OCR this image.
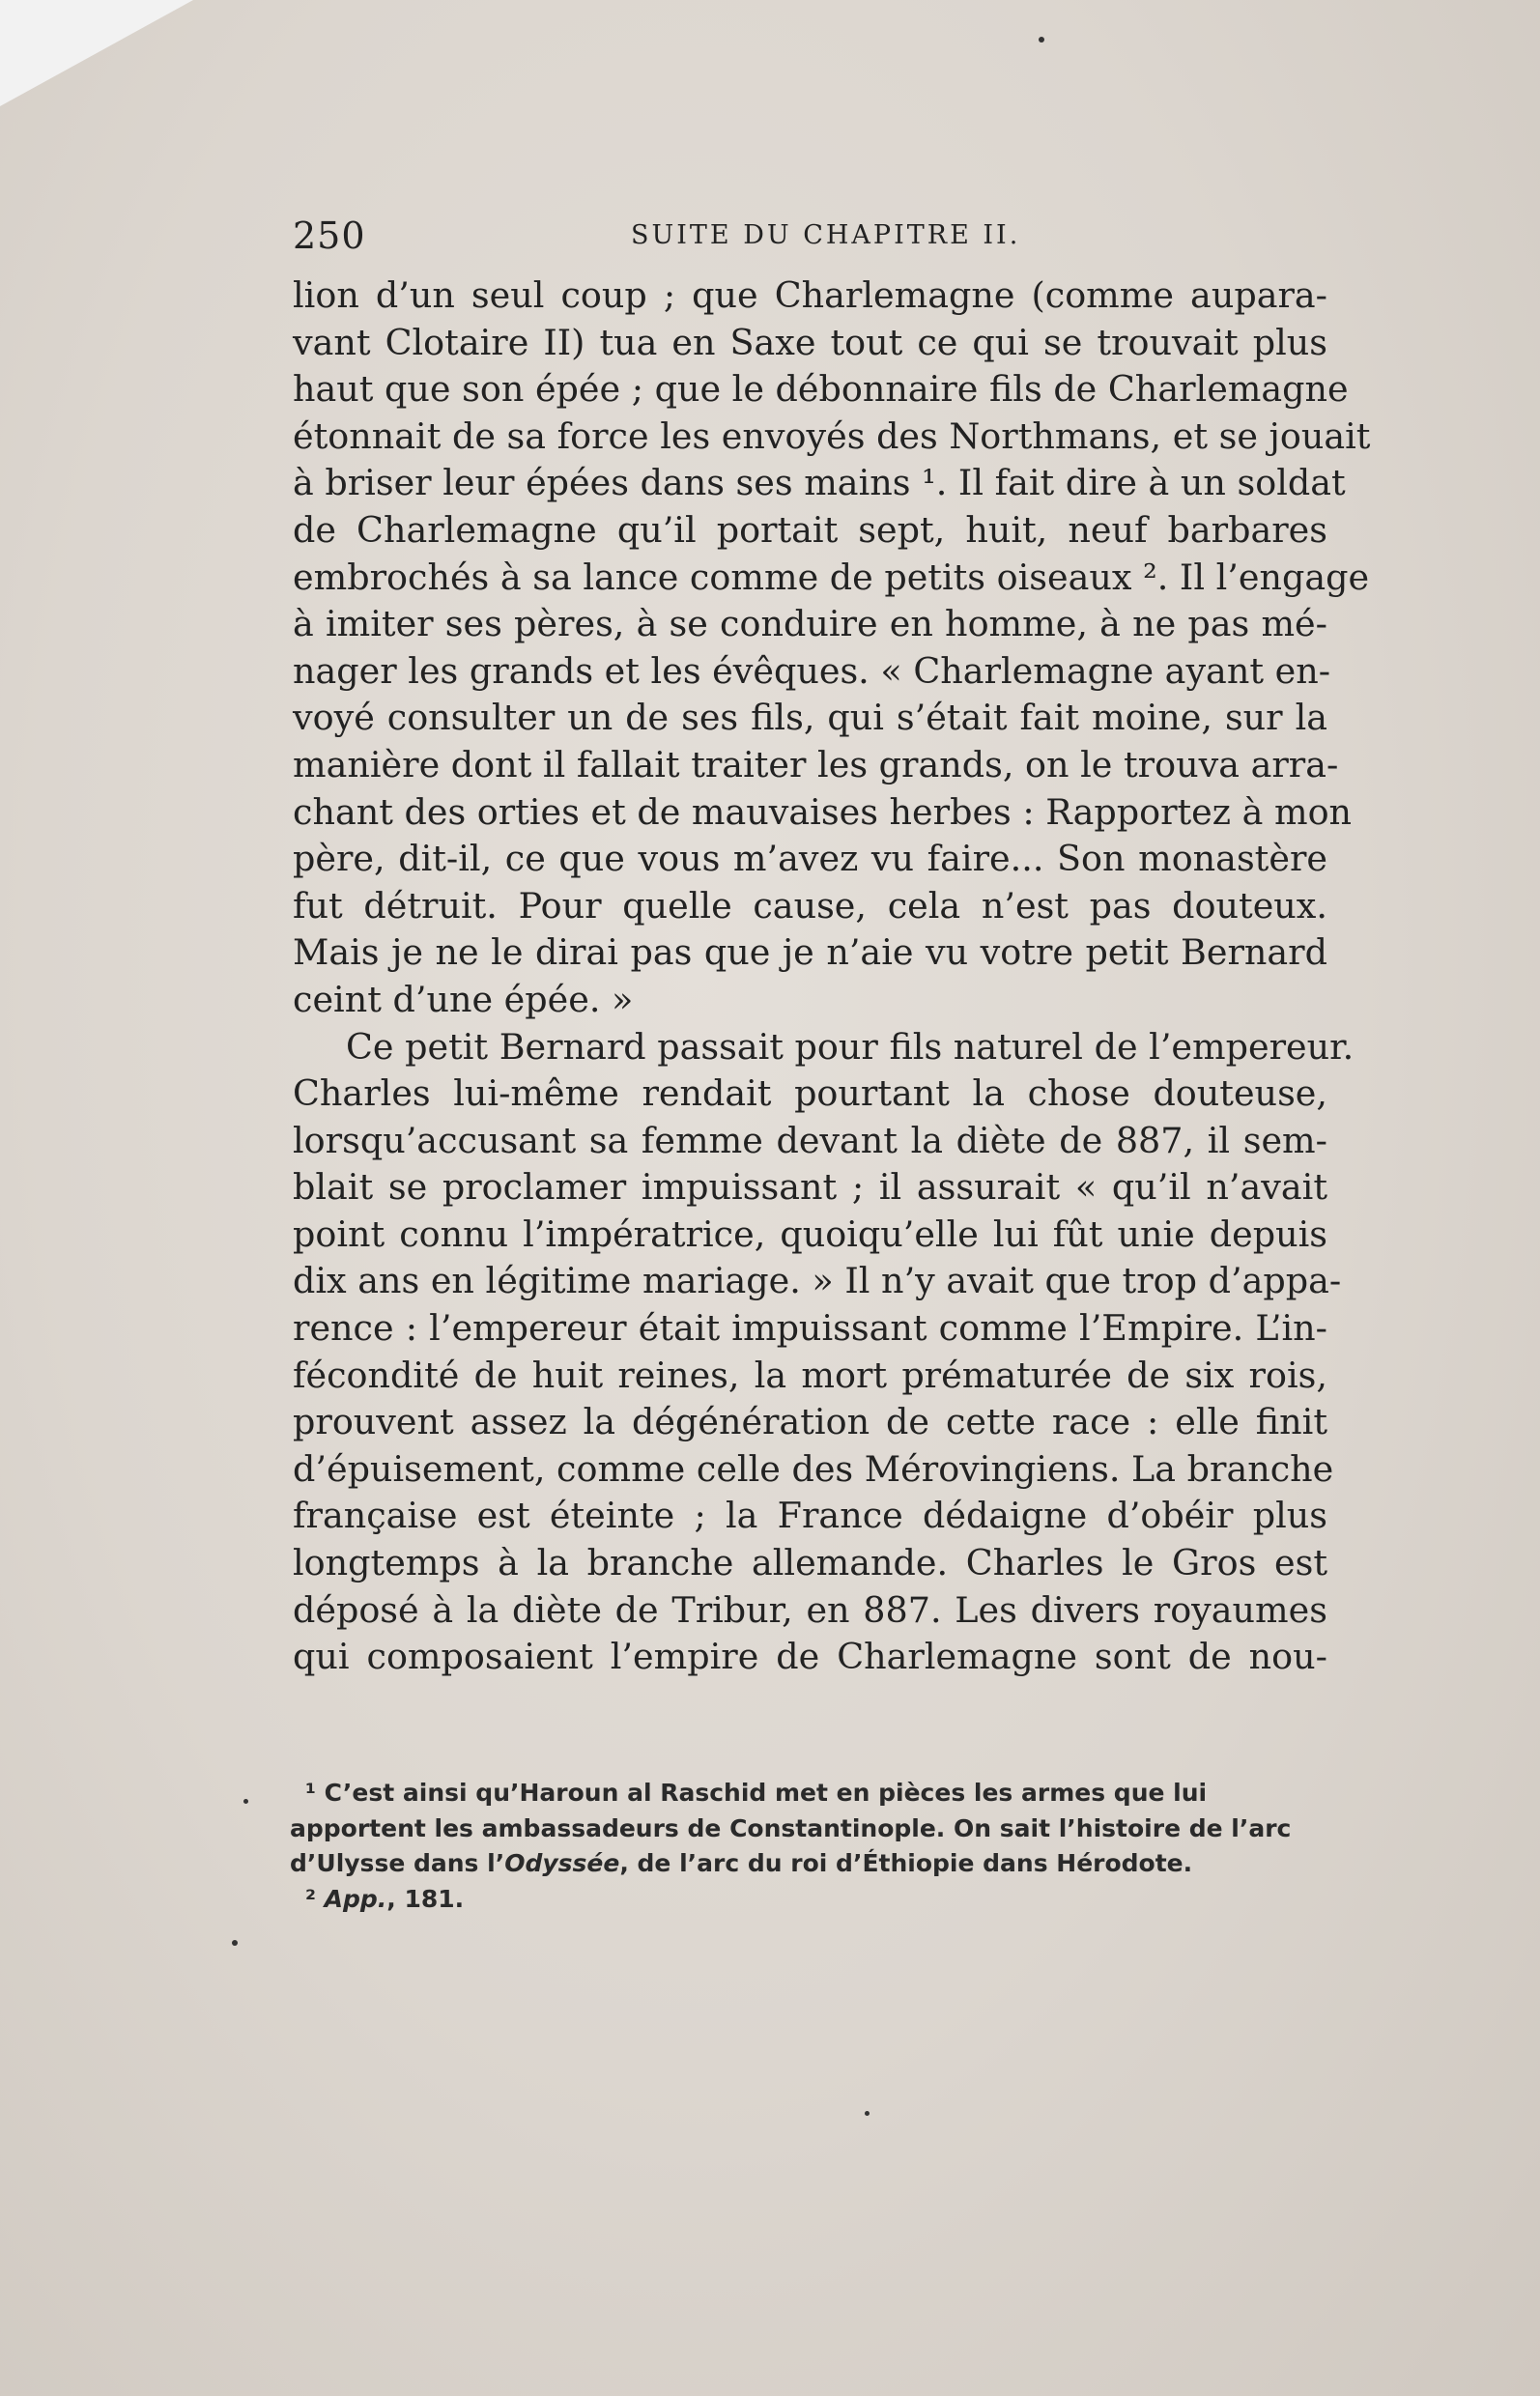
250	SUITE DU CHAPITRE II.
lion d’un seul coup ; que Charlemagne (comme aupara-
vant Clotaire II) tua en Saxe tout ce qui se trouvait plus
haut que son épée ; que le débonnaire fils de Charlemagne
étonnait de sa force les envoyés des Northmans, et se jouait
à briser leur épées dans ses mains ¹. Il fait dire à un soldat
de Charlemagne qu’il portait sept, huit, neuf barbares
embrochés à sa lance comme de petits oiseaux ². Il l’engage
à imiter ses pères, à se conduire en homme, à ne pas mé-
nager les grands et les évêques. « Charlemagne ayant en-
voyé consulter un de ses fils, qui s’était fait moine, sur la
manière dont il fallait traiter les grands, on le trouva arra-
chant des orties et de mauvaises herbes : Rapportez à mon
père, dit-il, ce que vous m’avez vu faire... Son monastère
fut détruit. Pour quelle cause, cela n’est pas douteux.
Mais je ne le dirai pas que je n’aie vu votre petit Bernard
ceint d’une épée. »
Ce petit Bernard passait pour fils naturel de l’empereur.
Charles lui-même rendait pourtant la chose douteuse,
lorsqu’accusant sa femme devant la diète de 887, il sem-
blait se proclamer impuissant ; il assurait « qu’il n’avait
point connu l’impératrice, quoiqu’elle lui fût unie depuis
dix ans en légitime mariage. » Il n’y avait que trop d’appa-
rence : l’empereur était impuissant comme l’Empire. L’in-
fécondité de huit reines, la mort prématurée de six rois,
prouvent assez la dégénération de cette race : elle finit
d’épuisement, comme celle des Mérovingiens. La branche
française est éteinte ; la France dédaigne d’obéir plus
longtemps à la branche allemande. Charles le Gros est
déposé à la diète de Tribur, en 887. Les divers royaumes
qui composaient l’empire de Charlemagne sont de nou-
¹ C’est ainsi qu’Haroun al Raschid met en pièces les armes que lui
apportent les ambassadeurs de Constantinople. On sait l’histoire de l’arc
d’Ulysse dans l’Odyssée, de l’arc du roi d’Éthiopie dans Hérodote.
² App., 181.
